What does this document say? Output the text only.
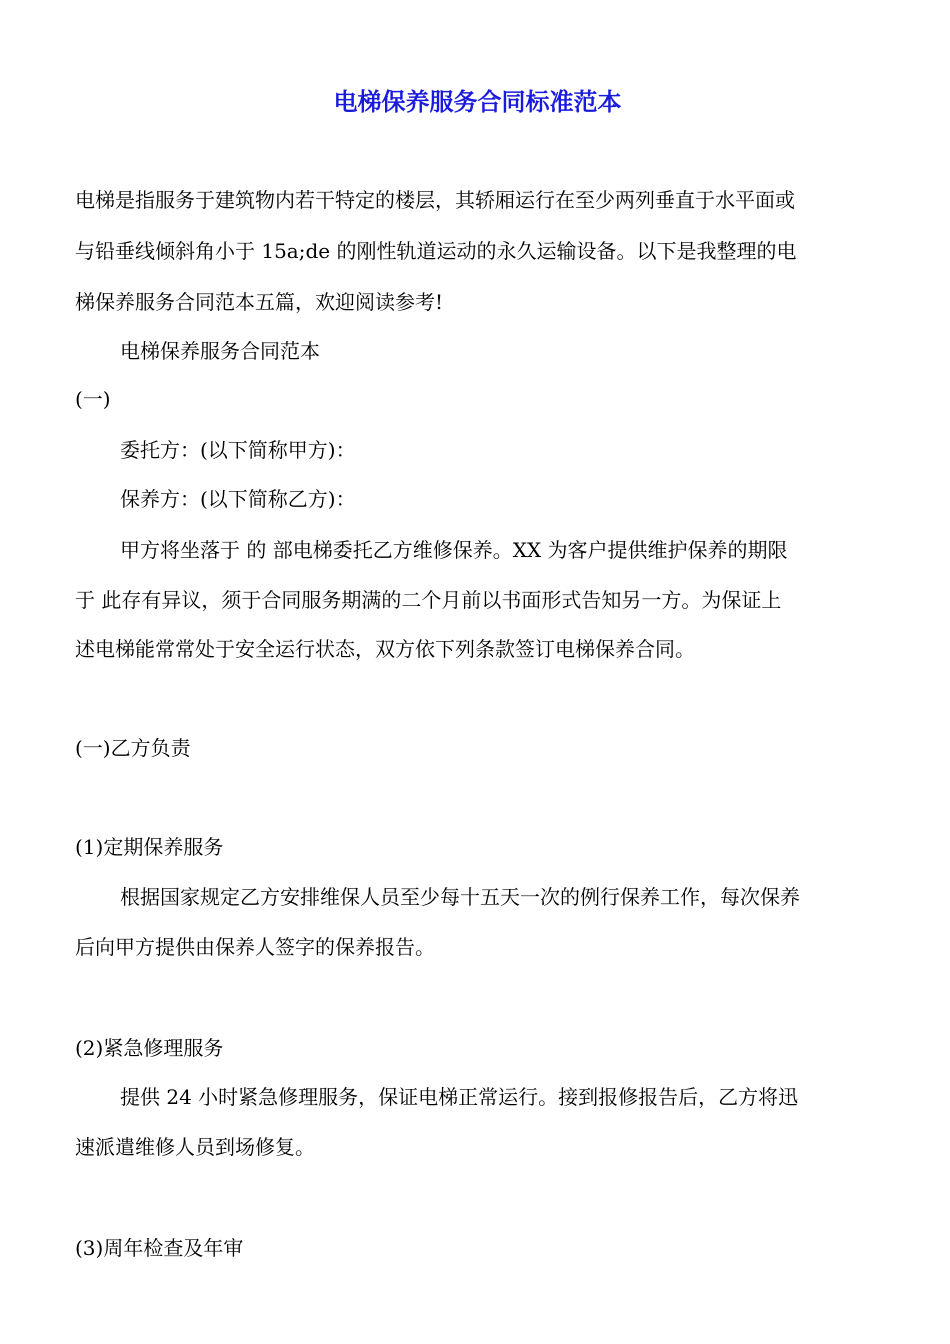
电梯保养服务合同标准范本
电梯是指服务于建筑物内若干特定的楼层，其轿厢运行在至少两列垂直于水平面或
与铅垂线倾斜角小于 15a;de 的刚性轨道运动的永久运输设备。以下是我整理的电
梯保养服务合同范本五篇，欢迎阅读参考!
电梯保养服务合同范本
(一)
委托方：(以下简称甲方)：
保养方：(以下简称乙方)：
甲方将坐落于 的 部电梯委托乙方维修保养。XX 为客户提供维护保养的期限
于 此存有异议，须于合同服务期满的二个月前以书面形式告知另一方。为保证上
述电梯能常常处于安全运行状态，双方依下列条款签订电梯保养合同。
(一)乙方负责
(1)定期保养服务
根据国家规定乙方安排维保人员至少每十五天一次的例行保养工作，每次保养
后向甲方提供由保养人签字的保养报告。
(2)紧急修理服务
提供 24 小时紧急修理服务，保证电梯正常运行。接到报修报告后，乙方将迅
速派遣维修人员到场修复。
(3)周年检查及年审
